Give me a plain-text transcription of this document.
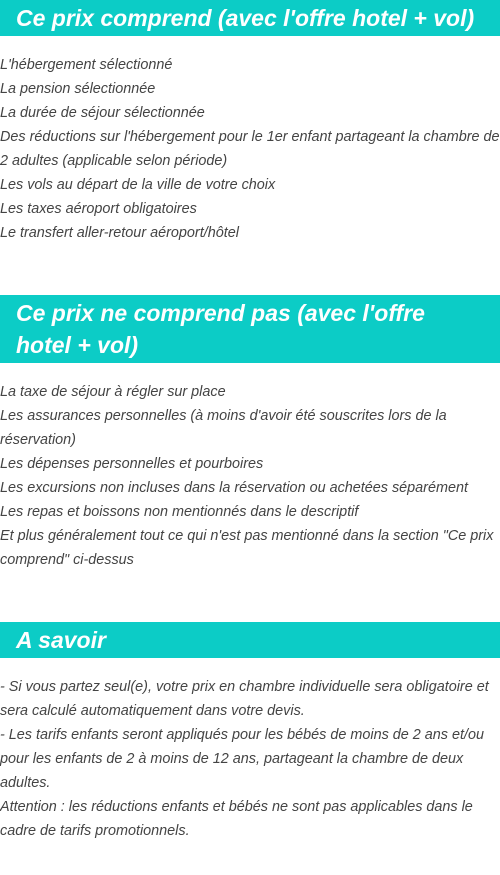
Ce prix comprend (avec l'offre hotel + vol)
L'hébergement sélectionné
La pension sélectionnée
La durée de séjour sélectionnée
Des réductions sur l'hébergement pour le 1er enfant partageant la chambre de 2 adultes (applicable selon période)
Les vols au départ de la ville de votre choix
Les taxes aéroport obligatoires
Le transfert aller-retour aéroport/hôtel
Ce prix ne comprend pas (avec l'offre hotel + vol)
La taxe de séjour à régler sur place
Les assurances personnelles (à moins d'avoir été souscrites lors de la réservation)
Les dépenses personnelles et pourboires
Les excursions non incluses dans la réservation ou achetées séparément
Les repas et boissons non mentionnés dans le descriptif
Et plus généralement tout ce qui n'est pas mentionné dans la section "Ce prix comprend" ci-dessus
A savoir
- Si vous partez seul(e), votre prix en chambre individuelle sera obligatoire et sera calculé automatiquement dans votre devis.
- Les tarifs enfants seront appliqués pour les bébés de moins de 2 ans et/ou pour les enfants de 2 à moins de 12 ans, partageant la chambre de deux adultes.
Attention : les réductions enfants et bébés ne sont pas applicables dans le cadre de tarifs promotionnels.
